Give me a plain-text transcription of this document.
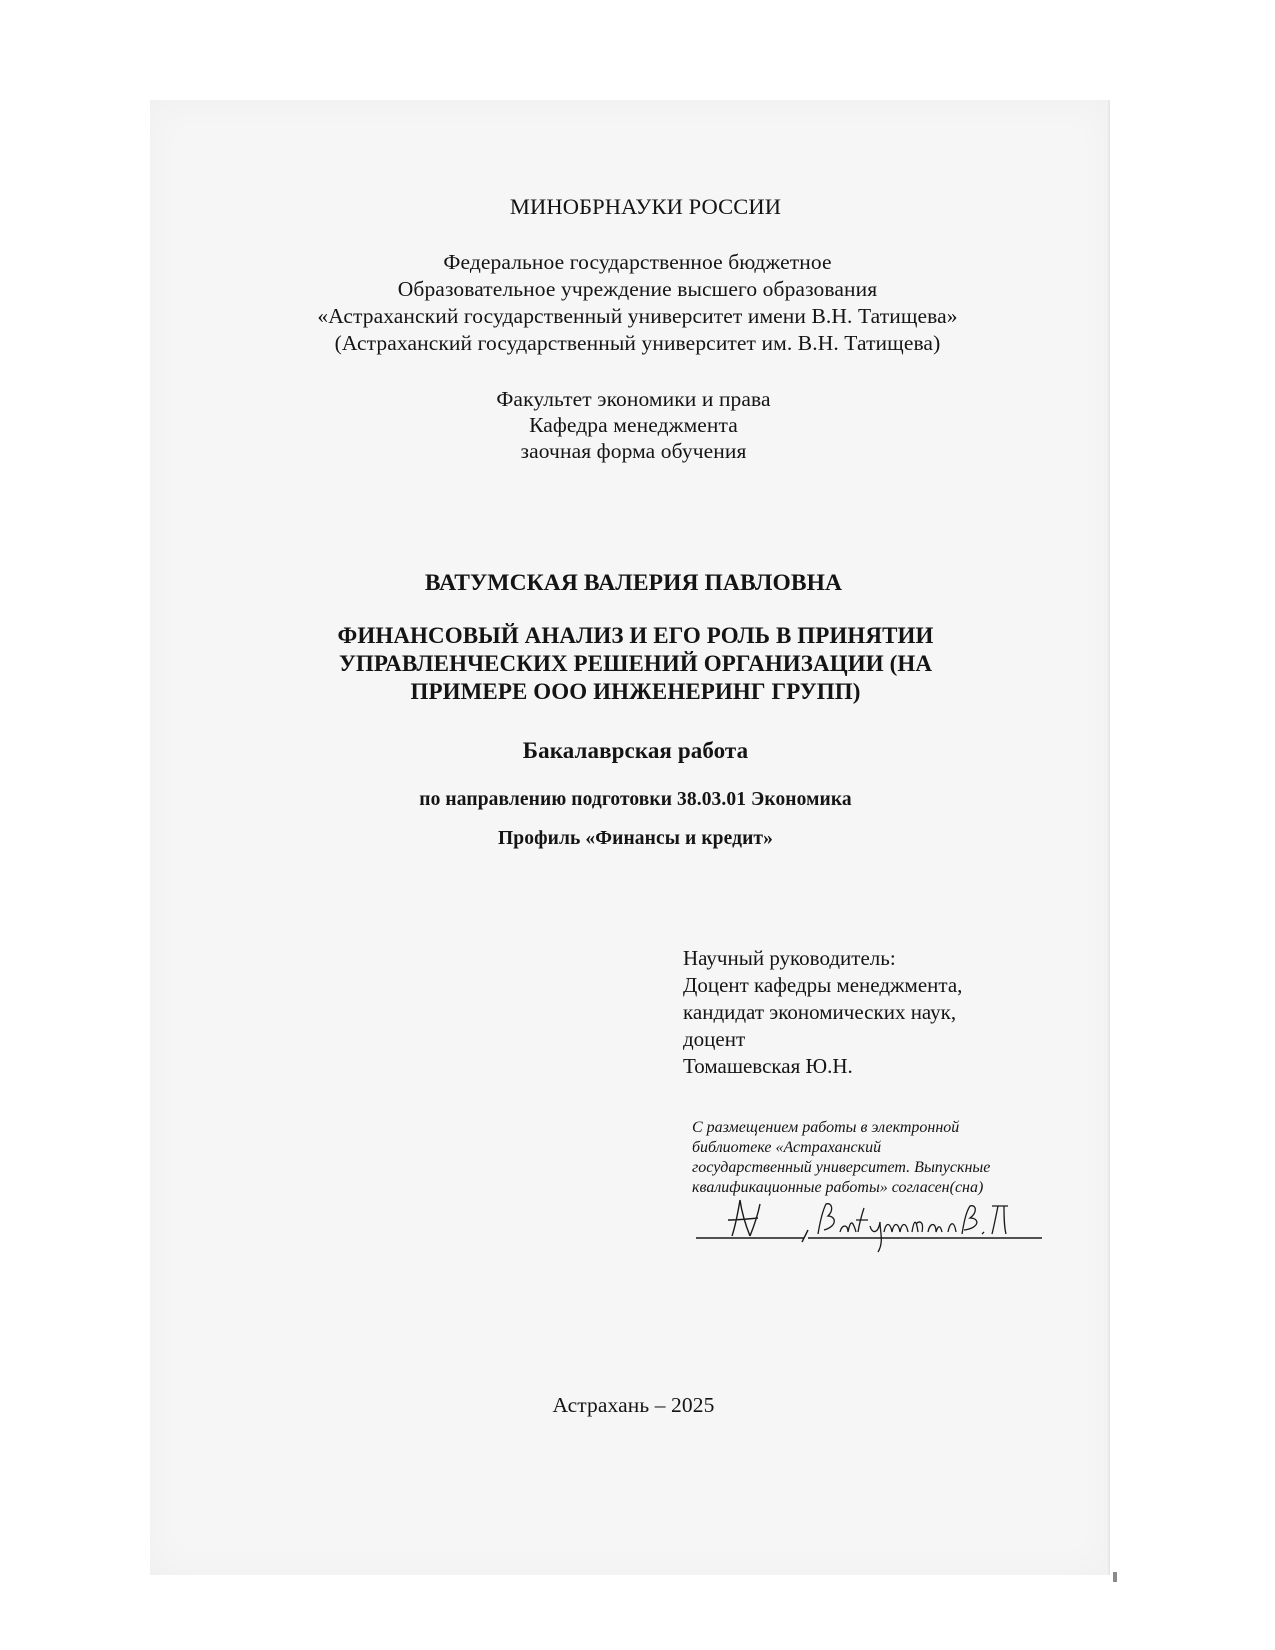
МИНОБРНАУКИ РОССИИ
Федеральное государственное бюджетное
Образовательное учреждение высшего образования
«Астраханский государственный университет имени В.Н. Татищева»
(Астраханский государственный университет им. В.Н. Татищева)
Факультет экономики и права
Кафедра менеджмента
заочная форма обучения
ВАТУМСКАЯ ВАЛЕРИЯ ПАВЛОВНА
ФИНАНСОВЫЙ АНАЛИЗ И ЕГО РОЛЬ В ПРИНЯТИИ
УПРАВЛЕНЧЕСКИХ РЕШЕНИЙ ОРГАНИЗАЦИИ (НА
ПРИМЕРЕ ООО ИНЖЕНЕРИНГ ГРУПП)
Бакалаврская работа
по направлению подготовки 38.03.01 Экономика
Профиль «Финансы и кредит»
Научный руководитель:
Доцент кафедры менеджмента,
кандидат экономических наук,
доцент
Томашевская Ю.Н.
С размещением работы в электронной
библиотеке «Астраханский
государственный университет. Выпускные
квалификационные работы» согласен(сна)
Астрахань – 2025
